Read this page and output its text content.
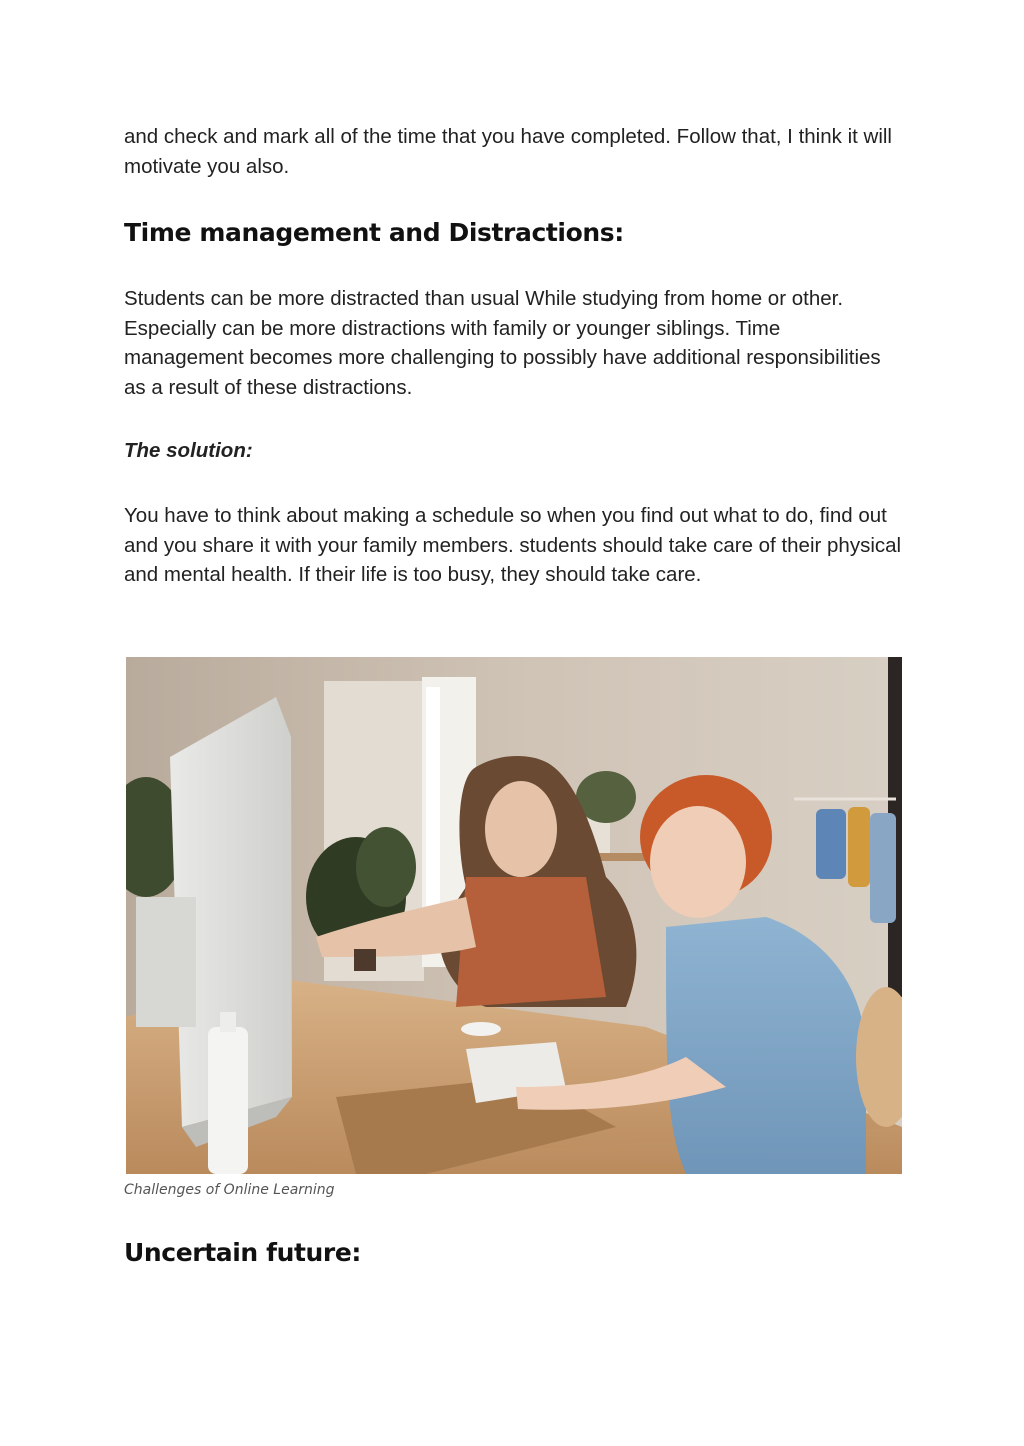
and check and mark all of the time that you have completed. Follow that, I think it will motivate you also.

Time management and Distractions:

Students can be more distracted than usual While studying from home or other. Especially can be more distractions with family or younger siblings. Time management becomes more challenging to possibly have additional responsibilities as a result of these distractions.

The solution:

You have to think about making a schedule so when you find out what to do, find out and you share it with your family members. students should take care of their physical and mental health. If their life is too busy, they should take care.

Challenges of Online Learning

Uncertain future:
